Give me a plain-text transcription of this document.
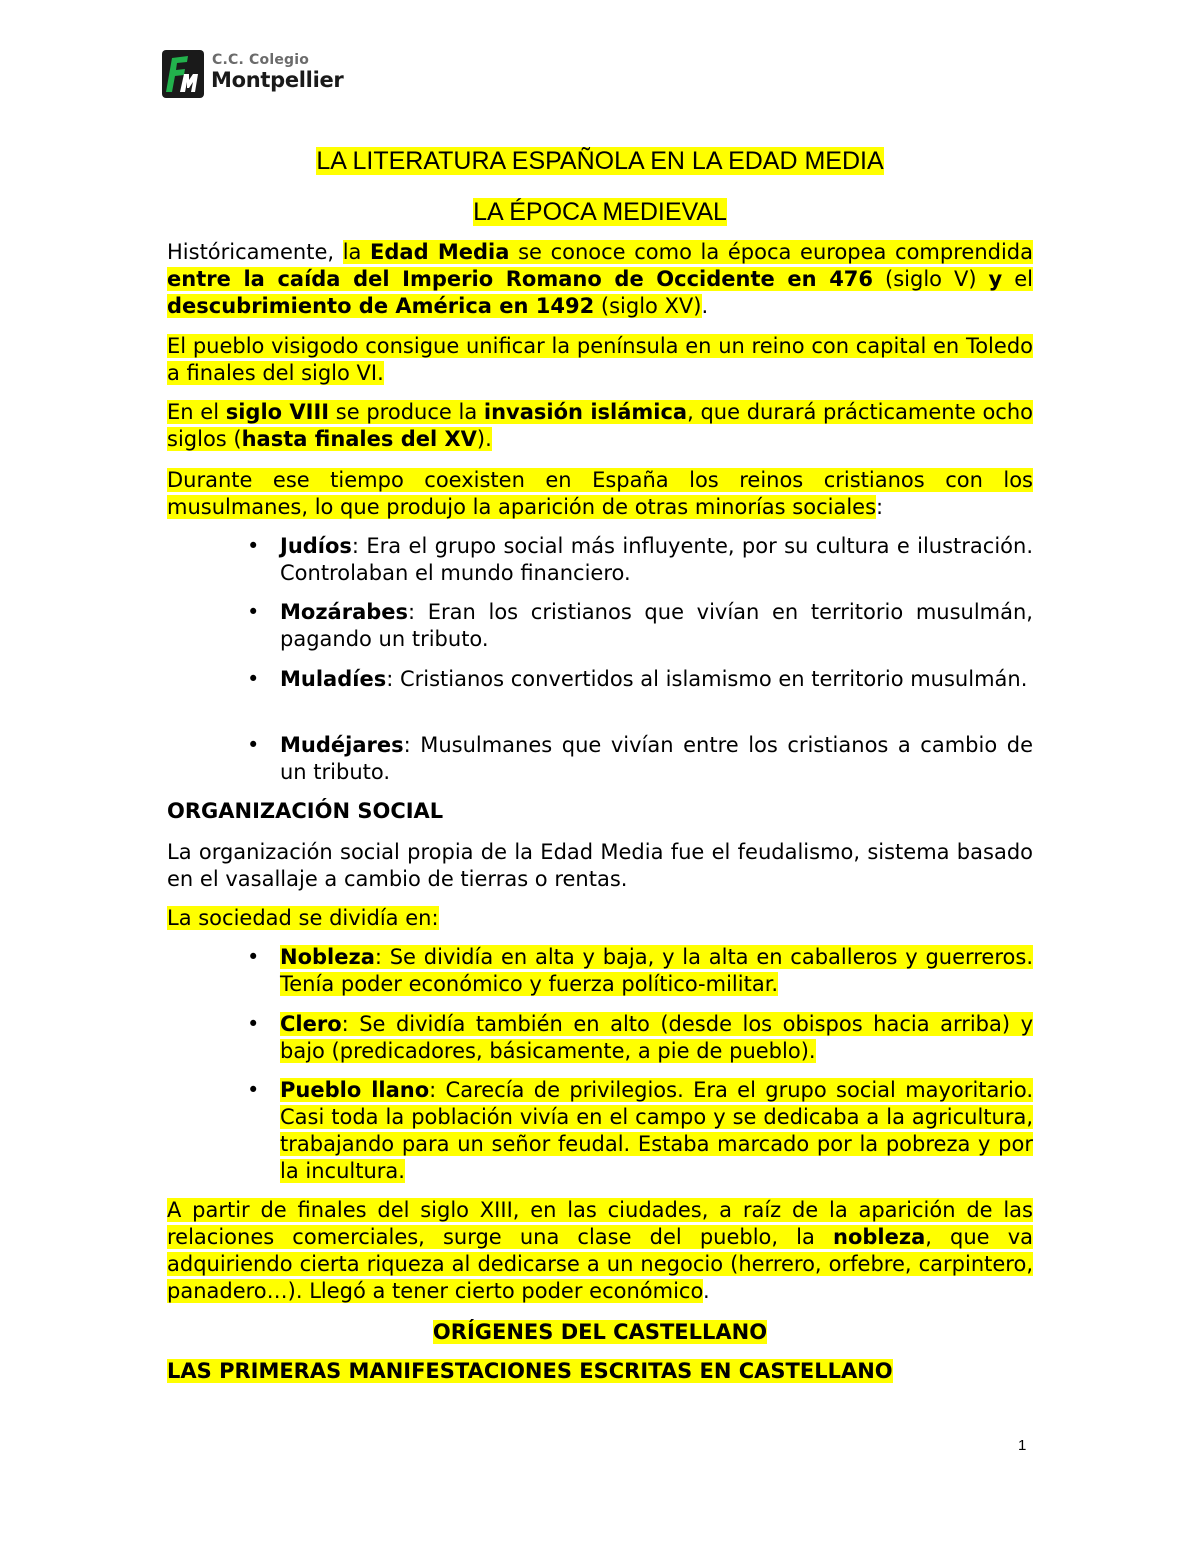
C.C. Colegio
Montpellier
LA LITERATURA ESPAÑOLA EN LA EDAD MEDIA
LA ÉPOCA MEDIEVAL
Históricamente, la Edad Media se conoce como la época europea comprendida entre la caída del Imperio Romano de Occidente en 476 (siglo V) y el descubrimiento de América en 1492 (siglo XV).
El pueblo visigodo consigue unificar la península en un reino con capital en Toledo a finales del siglo VI.
En el siglo VIII se produce la invasión islámica, que durará prácticamente ocho siglos (hasta finales del XV).
Durante ese tiempo coexisten en España los reinos cristianos con los musulmanes, lo que produjo la aparición de otras minorías sociales:
• Judíos: Era el grupo social más influyente, por su cultura e ilustración. Controlaban el mundo financiero.
• Mozárabes: Eran los cristianos que vivían en territorio musulmán, pagando un tributo.
• Muladíes: Cristianos convertidos al islamismo en territorio musulmán.
• Mudéjares: Musulmanes que vivían entre los cristianos a cambio de un tributo.
ORGANIZACIÓN SOCIAL
La organización social propia de la Edad Media fue el feudalismo, sistema basado en el vasallaje a cambio de tierras o rentas.
La sociedad se dividía en:
• Nobleza: Se dividía en alta y baja, y la alta en caballeros y guerreros. Tenía poder económico y fuerza político-militar.
• Clero: Se dividía también en alto (desde los obispos hacia arriba) y bajo (predicadores, básicamente, a pie de pueblo).
• Pueblo llano: Carecía de privilegios. Era el grupo social mayoritario. Casi toda la población vivía en el campo y se dedicaba a la agricultura, trabajando para un señor feudal. Estaba marcado por la pobreza y por la incultura.
A partir de finales del siglo XIII, en las ciudades, a raíz de la aparición de las relaciones comerciales, surge una clase del pueblo, la nobleza, que va adquiriendo cierta riqueza al dedicarse a un negocio (herrero, orfebre, carpintero, panadero…). Llegó a tener cierto poder económico.
ORÍGENES DEL CASTELLANO
LAS PRIMERAS MANIFESTACIONES ESCRITAS EN CASTELLANO
1
